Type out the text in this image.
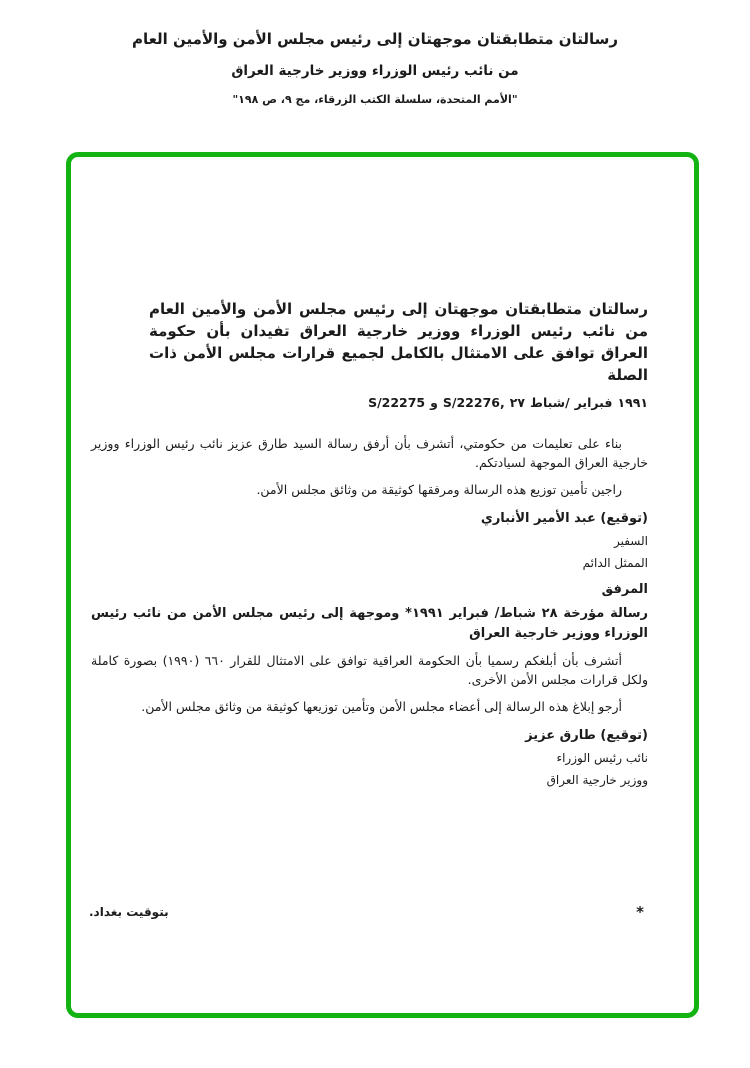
رسالتان متطابقتان موجهتان إلى رئيس مجلس الأمن والأمين العام
من نائب رئيس الوزراء ووزير خارجية العراق
"الأمم المتحدة، سلسلة الكتب الزرقاء، مج ٩، ص ١٩٨"
رسالتان متطابقتان موجهتان إلى رئيس مجلس الأمن والأمين العام من نائب رئيس الوزراء ووزير خارجية العراق تفيدان بأن حكومة العراق توافق على الامتثال بالكامل لجميع قرارات مجلس الأمن ذات الصلة
S/22275 و S/22276, ٢٧ شباط/ فبراير ١٩٩١

بناء على تعليمات من حكومتي، أتشرف بأن أرفق رسالة السيد طارق عزيز نائب رئيس الوزراء ووزير خارجية العراق الموجهة لسيادتكم.

راجين تأمين توزيع هذه الرسالة ومرفقها كوثيقة من وثائق مجلس الأمن.

(توقيع) عبد الأمير الأنباري
السفير
الممثل الدائم
المرفق
رسالة مؤرخة ٢٨ شباط/ فبراير ١٩٩١* وموجهة إلى رئيس مجلس الأمن من نائب رئيس الوزراء ووزير خارجية العراق

أتشرف بأن أبلغكم رسميا بأن الحكومة العراقية توافق على الامتثال للقرار ٦٦٠ (١٩٩٠) بصورة كاملة ولكل قرارات مجلس الأمن الأخرى.

أرجو إبلاغ هذه الرسالة إلى أعضاء مجلس الأمن وتأمين توزيعها كوثيقة من وثائق مجلس الأمن.

(توقيع) طارق عزيز
نائب رئيس الوزراء
ووزير خارجية العراق
*
بتوقيت بغداد.
